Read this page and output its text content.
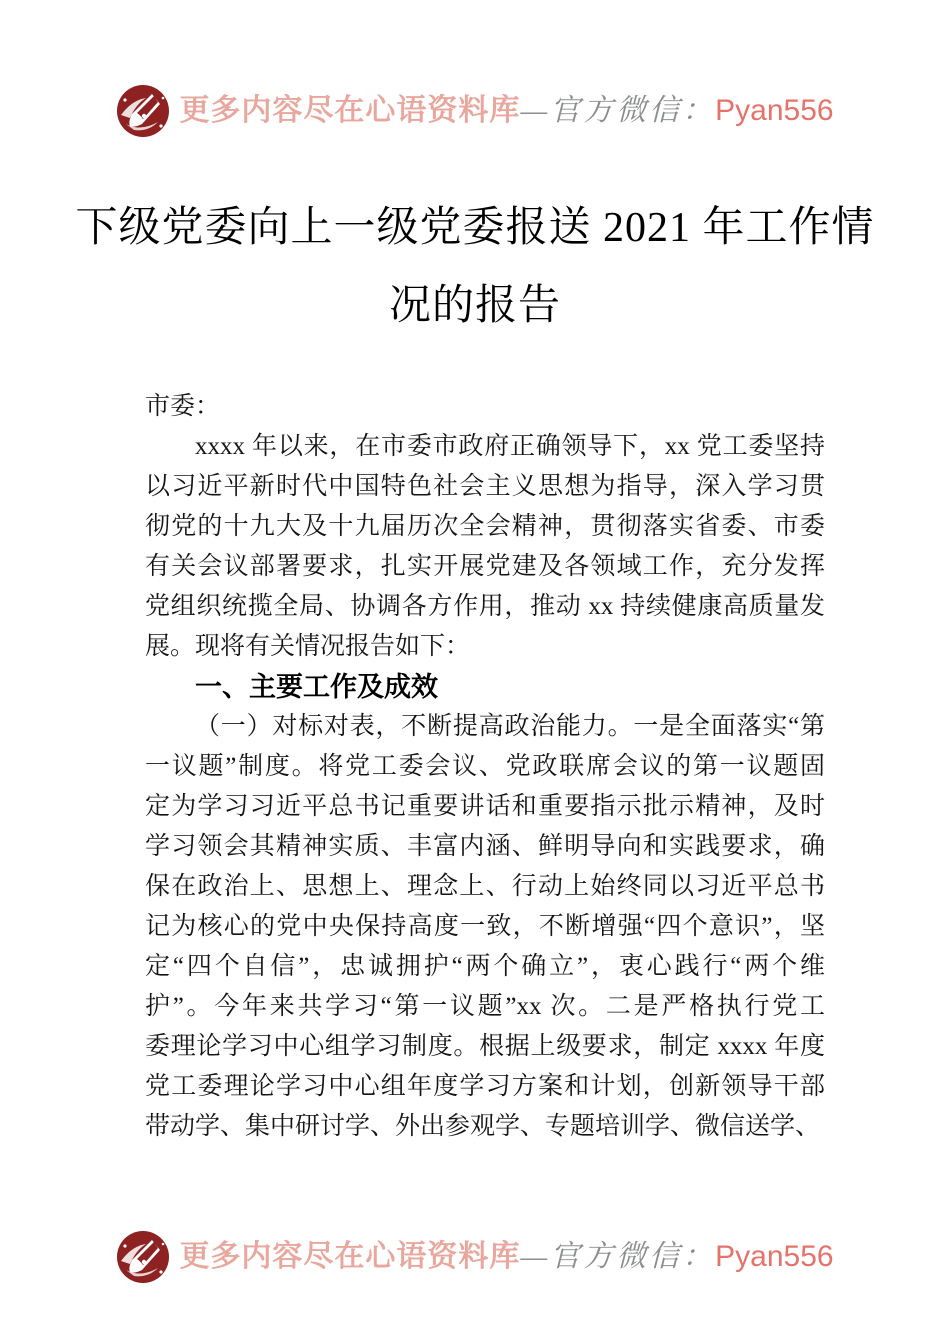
更多内容尽在心语资料库—官方微信：Pyan556
下级党委向上一级党委报送 2021 年工作情
况的报告
市委：
xxxx 年以来，在市委市政府正确领导下，xx 党工委坚持
以习近平新时代中国特色社会主义思想为指导，深入学习贯
彻党的十九大及十九届历次全会精神，贯彻落实省委、市委
有关会议部署要求，扎实开展党建及各领域工作，充分发挥
党组织统揽全局、协调各方作用，推动 xx 持续健康高质量发
展。现将有关情况报告如下：
一、主要工作及成效
（一）对标对表，不断提高政治能力。一是全面落实“第
一议题”制度。将党工委会议、党政联席会议的第一议题固
定为学习习近平总书记重要讲话和重要指示批示精神，及时
学习领会其精神实质、丰富内涵、鲜明导向和实践要求，确
保在政治上、思想上、理念上、行动上始终同以习近平总书
记为核心的党中央保持高度一致，不断增强“四个意识”，坚
定“四个自信”，忠诚拥护“两个确立”，衷心践行“两个维
护”。今年来共学习“第一议题”xx 次。二是严格执行党工
委理论学习中心组学习制度。根据上级要求，制定 xxxx 年度
党工委理论学习中心组年度学习方案和计划，创新领导干部
带动学、集中研讨学、外出参观学、专题培训学、微信送学、
更多内容尽在心语资料库—官方微信：Pyan556
